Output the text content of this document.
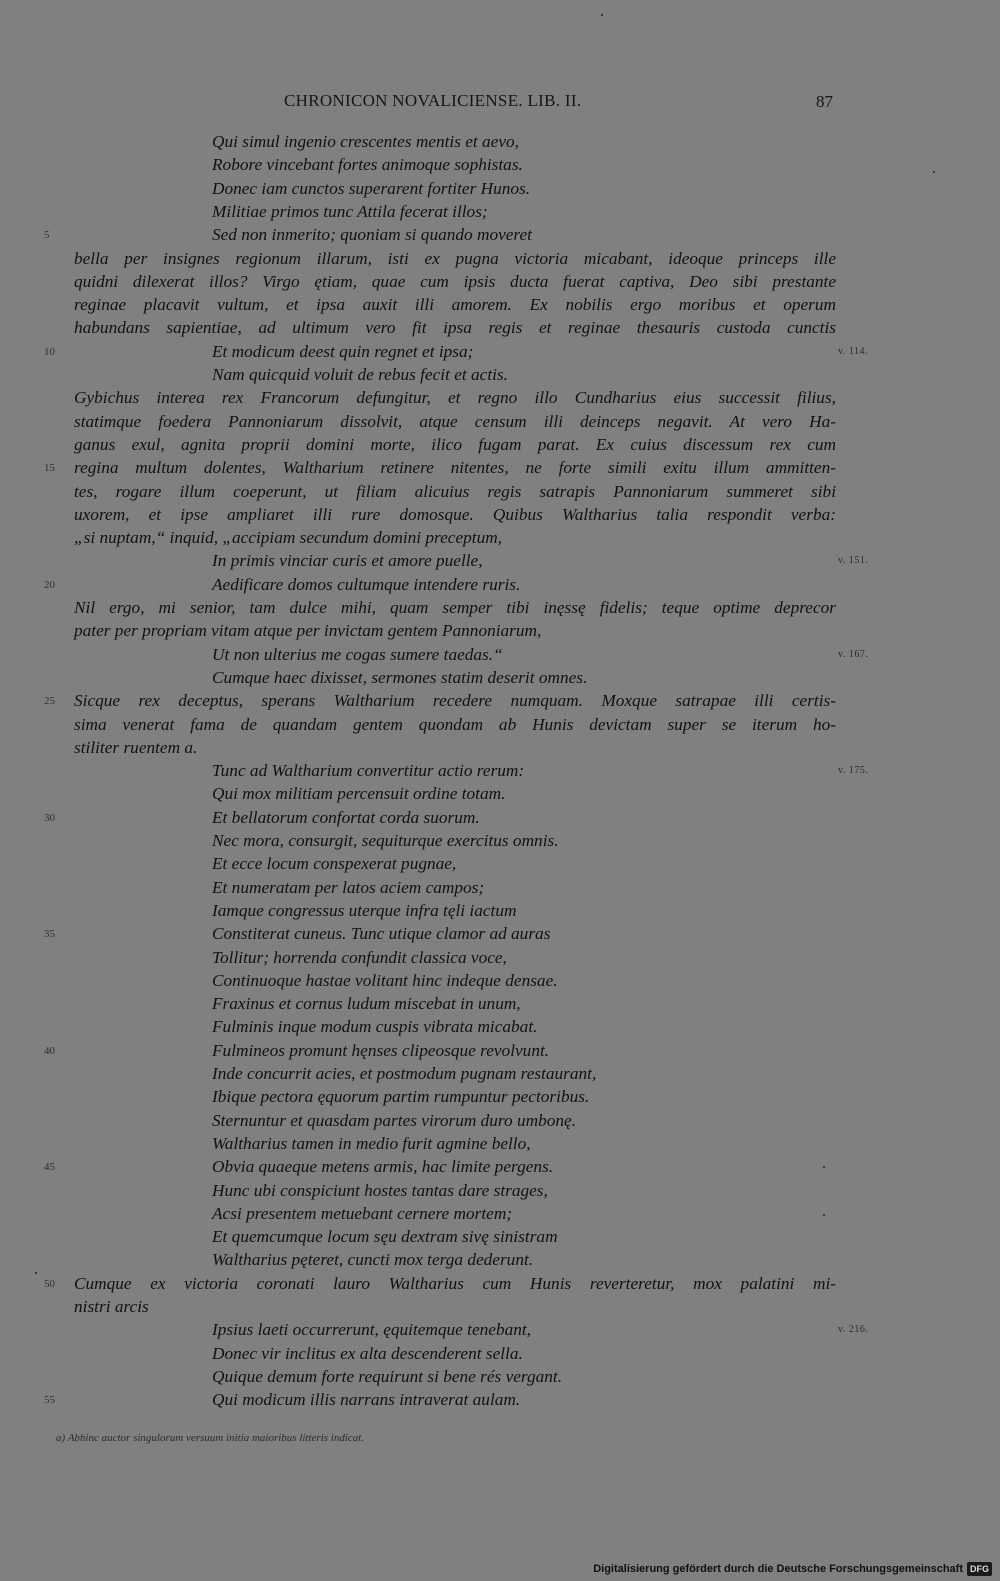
CHRONICON NOVALICIENSE. LIB. II.	87
Qui simul ingenio crescentes mentis et aevo,
Robore vincebant fortes animoque sophistas.
Donec iam cunctos superarent fortiter Hunos.
Militiae primos tunc Attila fecerat illos;
5	Sed non inmerito; quoniam si quando moveret
bella per insignes regionum illarum, isti ex pugna victoria micabant, ideoque princeps ille
quidni dilexerat illos? Virgo ętiam, quae cum ipsis ducta fuerat captiva, Deo sibi prestante
reginae placavit vultum, et ipsa auxit illi amorem. Ex nobilis ergo moribus et operum
habundans sapientiae, ad ultimum vero fit ipsa regis et reginae thesauris custoda cunctis
10	Et modicum deest quin regnet et ipsa;	v. 114.
Nam quicquid voluit de rebus fecit et actis.
Gybichus interea rex Francorum defungitur, et regno illo Cundharius eius successit filius,
statimque foedera Pannoniarum dissolvit, atque censum illi deinceps negavit. At vero Ha-
ganus exul, agnita proprii domini morte, ilico fugam parat. Ex cuius discessum rex cum
15	regina multum dolentes, Waltharium retinere nitentes, ne forte simili exitu illum ammitten-
tes, rogare illum coeperunt, ut filiam alicuius regis satrapis Pannoniarum summeret sibi
uxorem, et ipse ampliaret illi rure domosque. Quibus Waltharius talia respondit verba:
„si nuptam,“ inquid, „accipiam secundum domini preceptum,
In primis vinciar curis et amore puelle,	v. 151.
20	Aedificare domos cultumque intendere ruris.
Nil ergo, mi senior, tam dulce mihi, quam semper tibi inęssę fidelis; teque optime deprecor
pater per propriam vitam atque per invictam gentem Pannoniarum,
Ut non ulterius me cogas sumere taedas.“	v. 167.
Cumque haec dixisset, sermones statim deserit omnes.
25	Sicque rex deceptus, sperans Waltharium recedere numquam. Moxque satrapae illi certis-
sima venerat fama de quandam gentem quondam ab Hunis devictam super se iterum ho-
stiliter ruentem a.
Tunc ad Waltharium convertitur actio rerum:	v. 175.
Qui mox militiam percensuit ordine totam.
30	Et bellatorum confortat corda suorum.
Nec mora, consurgit, sequiturque exercitus omnis.
Et ecce locum conspexerat pugnae,
Et numeratam per latos aciem campos;
Iamque congressus uterque infra tęli iactum
35	Constiterat cuneus. Tunc utique clamor ad auras
Tollitur; horrenda confundit classica voce,
Continuoque hastae volitant hinc indeque densae.
Fraxinus et cornus ludum miscebat in unum,
Fulminis inque modum cuspis vibrata micabat.
40	Fulmineos promunt hęnses clipeosque revolvunt.
Inde concurrit acies, et postmodum pugnam restaurant,
Ibique pectora ęquorum partim rumpuntur pectoribus.
Sternuntur et quasdam partes virorum duro umbonę.
Waltharius tamen in medio furit agmine bello,
45	Obvia quaeque metens armis, hac limite pergens.
Hunc ubi conspiciunt hostes tantas dare strages,
Acsi presentem metuebant cernere mortem;
Et quemcumque locum sęu dextram sivę sinistram
Waltharius pęteret, cuncti mox terga dederunt.
50	Cumque ex victoria coronati lauro Waltharius cum Hunis reverteretur, mox palatini mi-
nistri arcis
Ipsius laeti occurrerunt, ęquitemque tenebant,	v. 216.
Donec vir inclitus ex alta descenderent sella.
Quique demum forte requirunt si bene rés vergant.
55	Qui modicum illis narrans intraverat aulam.
a) Abhinc auctor singulorum versuum initia maioribus litteris indicat.
Digitalisierung gefördert durch die Deutsche Forschungsgemeinschaft DFG
